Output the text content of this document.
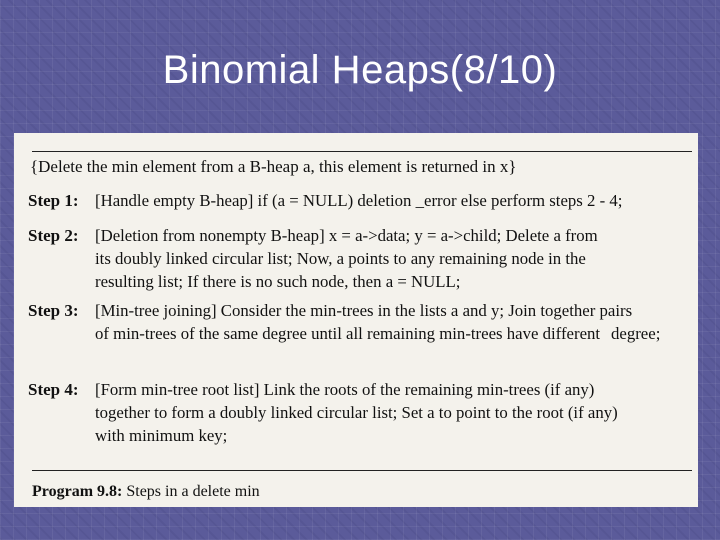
Binomial Heaps(8/10)
{Delete the min element from a B-heap a, this element is returned in x}
Step 1: [Handle empty B-heap] if (a = NULL) deletion _error else perform steps 2 - 4;
Step 2: [Deletion from nonempty B-heap] x = a->data; y = a->child; Delete a from its doubly linked circular list; Now, a points to any remaining node in the resulting list; If there is no such node, then a = NULL;
Step 3: [Min-tree joining] Consider the min-trees in the lists a and y; Join together pairs of min-trees of the same degree until all remaining min-trees have different degree;
Step 4: [Form min-tree root list] Link the roots of the remaining min-trees (if any) together to form a doubly linked circular list; Set a to point to the root (if any) with minimum key;
Program 9.8: Steps in a delete min
